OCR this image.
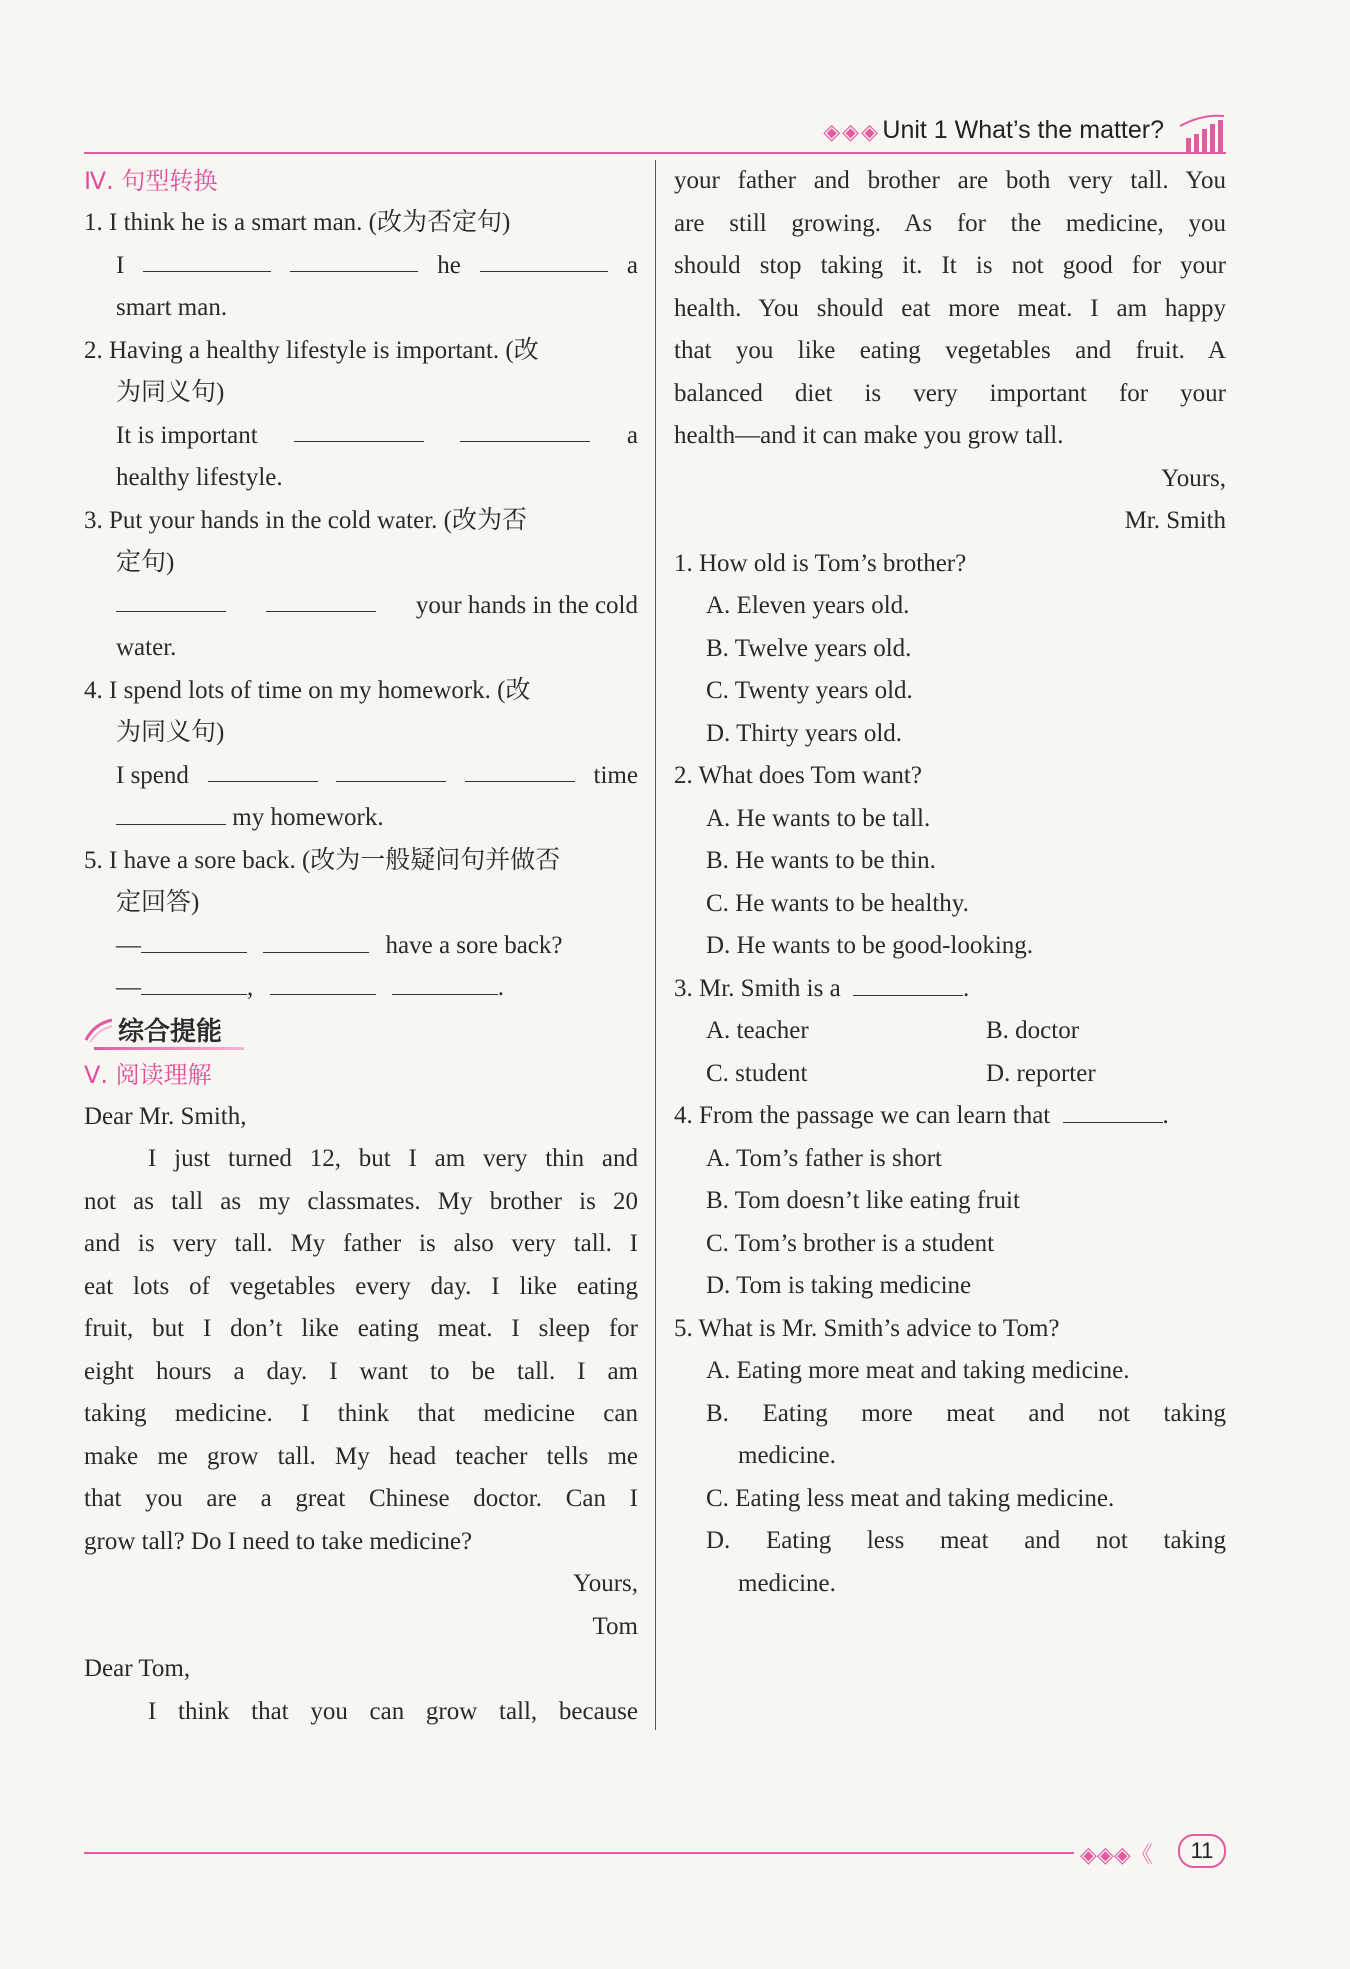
◈◈◈ Unit 1 What’s the matter?
Ⅳ. 句型转换
1. I think he is a smart man. (改为否定句)
I	he	a
smart man.
2. Having a healthy lifestyle is important. (改
为同义句)
It is important	a
healthy lifestyle.
3. Put your hands in the cold water. (改为否
定句)
your hands in the cold
water.
4. I spend lots of time on my homework. (改
为同义句)
I spend	time
my homework.
5. I have a sore back. (改为一般疑问句并做否
定回答)
—	have a sore back?
—	,	.
综合提能
Ⅴ. 阅读理解
Dear Mr. Smith,
I just turned 12, but I am very thin and
not as tall as my classmates. My brother is 20
and is very tall. My father is also very tall. I
eat lots of vegetables every day. I like eating
fruit, but I don’t like eating meat. I sleep for
eight hours a day. I want to be tall. I am
taking medicine. I think that medicine can
make me grow tall. My head teacher tells me
that you are a great Chinese doctor. Can I
grow tall? Do I need to take medicine?
Yours,
Tom
Dear Tom,
I think that you can grow tall, because
your father and brother are both very tall. You
are still growing. As for the medicine, you
should stop taking it. It is not good for your
health. You should eat more meat. I am happy
that you like eating vegetables and fruit. A
balanced diet is very important for your
health—and it can make you grow tall.
Yours,
Mr. Smith
1. How old is Tom’s brother?
A. Eleven years old.
B. Twelve years old.
C. Twenty years old.
D. Thirty years old.
2. What does Tom want?
A. He wants to be tall.
B. He wants to be thin.
C. He wants to be healthy.
D. He wants to be good-looking.
3. Mr. Smith is a	.
A. teacher	B. doctor
C. student	D. reporter
4. From the passage we can learn that	.
A. Tom’s father is short
B. Tom doesn’t like eating fruit
C. Tom’s brother is a student
D. Tom is taking medicine
5. What is Mr. Smith’s advice to Tom?
A. Eating more meat and taking medicine.
B. Eating more meat and not taking
medicine.
C. Eating less meat and taking medicine.
D. Eating less meat and not taking
medicine.
◈◈◈《	11
